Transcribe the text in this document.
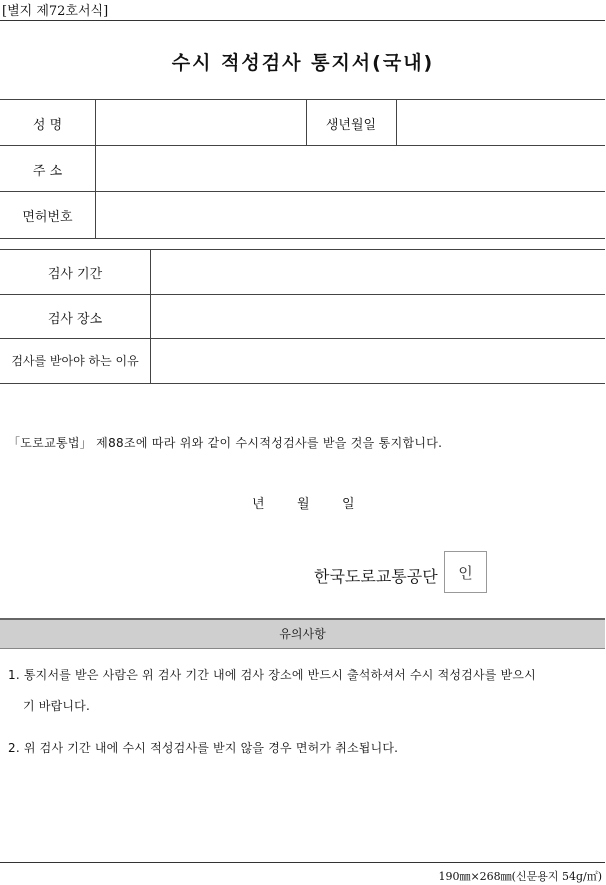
[별지 제72호서식]
수시 적성검사 통지서(국내)
성 명	생년월일
주 소
면허번호
검사 기간
검사 장소
검사를 받아야 하는 이유
「도로교통법」 제88조에 따라 위와 같이 수시적성검사를 받을 것을 통지합니다.
년 월 일
한국도로교통공단	인
유의사항
1. 통지서를 받은 사람은 위 검사 기간 내에 검사 장소에 반드시 출석하셔서 수시 적성검사를 받으시
기 바랍니다.
2. 위 검사 기간 내에 수시 적성검사를 받지 않을 경우 면허가 취소됩니다.
190㎜×268㎜(신문용지 54g/㎡)
